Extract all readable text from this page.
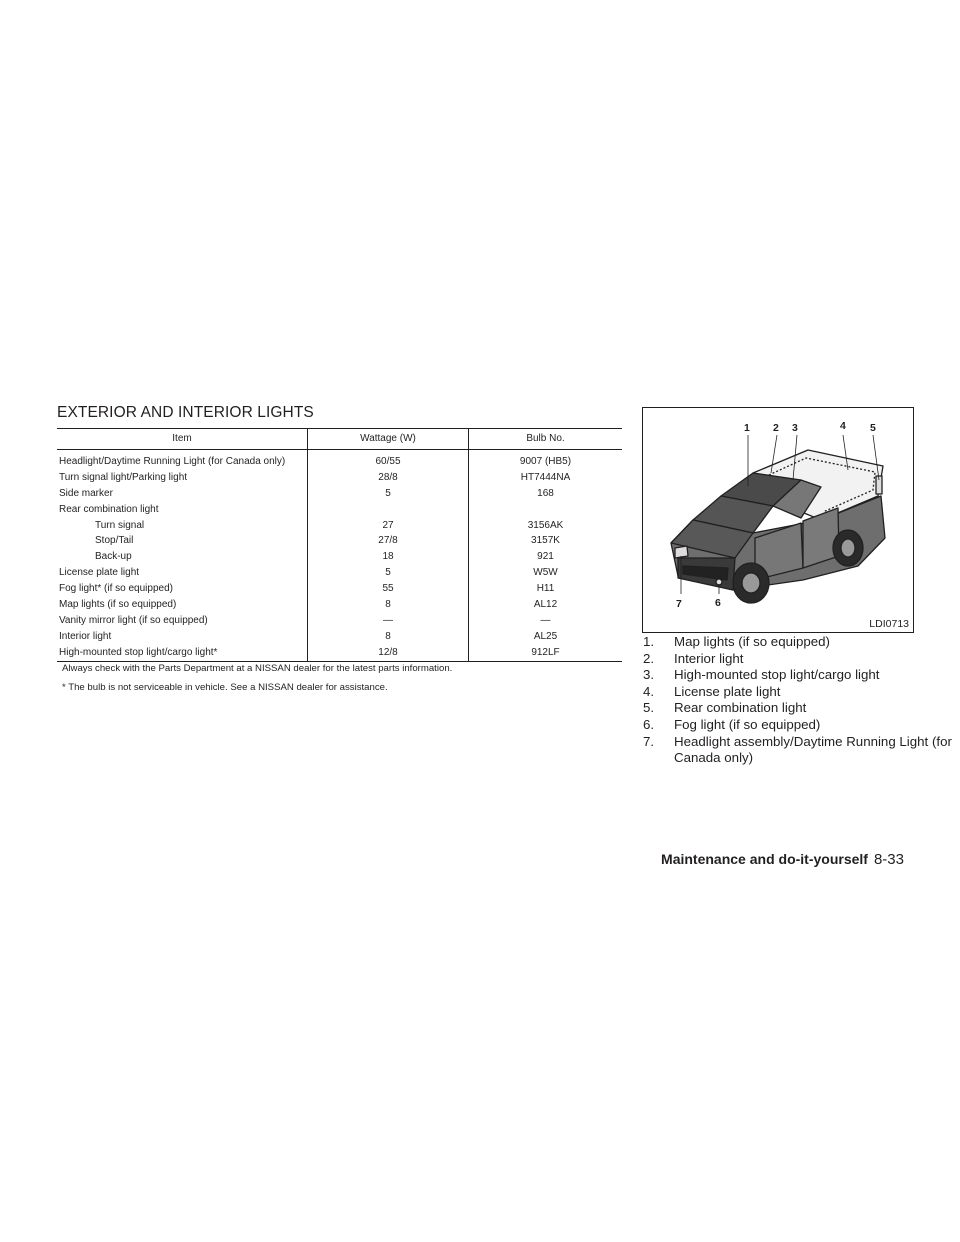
EXTERIOR AND INTERIOR LIGHTS
Item	Wattage (W)	Bulb No.
Headlight/Daytime Running Light (for Canada only)	60/55	9007 (HB5)
Turn signal light/Parking light	28/8	HT7444NA
Side marker	5	168
Rear combination light		
Turn signal	27	3156AK
Stop/Tail	27/8	3157K
Back-up	18	921
License plate light	5	W5W
Fog light* (if so equipped)	55	H11
Map lights (if so equipped)	8	AL12
Vanity mirror light (if so equipped)	—	—
Interior light	8	AL25
High-mounted stop light/cargo light*	12/8	912LF

Always check with the Parts Department at a NISSAN dealer for the latest parts information.

* The bulb is not serviceable in vehicle. See a NISSAN dealer for assistance.

1 2 3	4 5
6
7
LDI0713
1. Map lights (if so equipped)
2. Interior light
3. High-mounted stop light/cargo light
4. License plate light
5. Rear combination light
6. Fog light (if so equipped)
7. Headlight assembly/Daytime Running Light (for Canada only)
Maintenance and do-it-yourself 8-33
